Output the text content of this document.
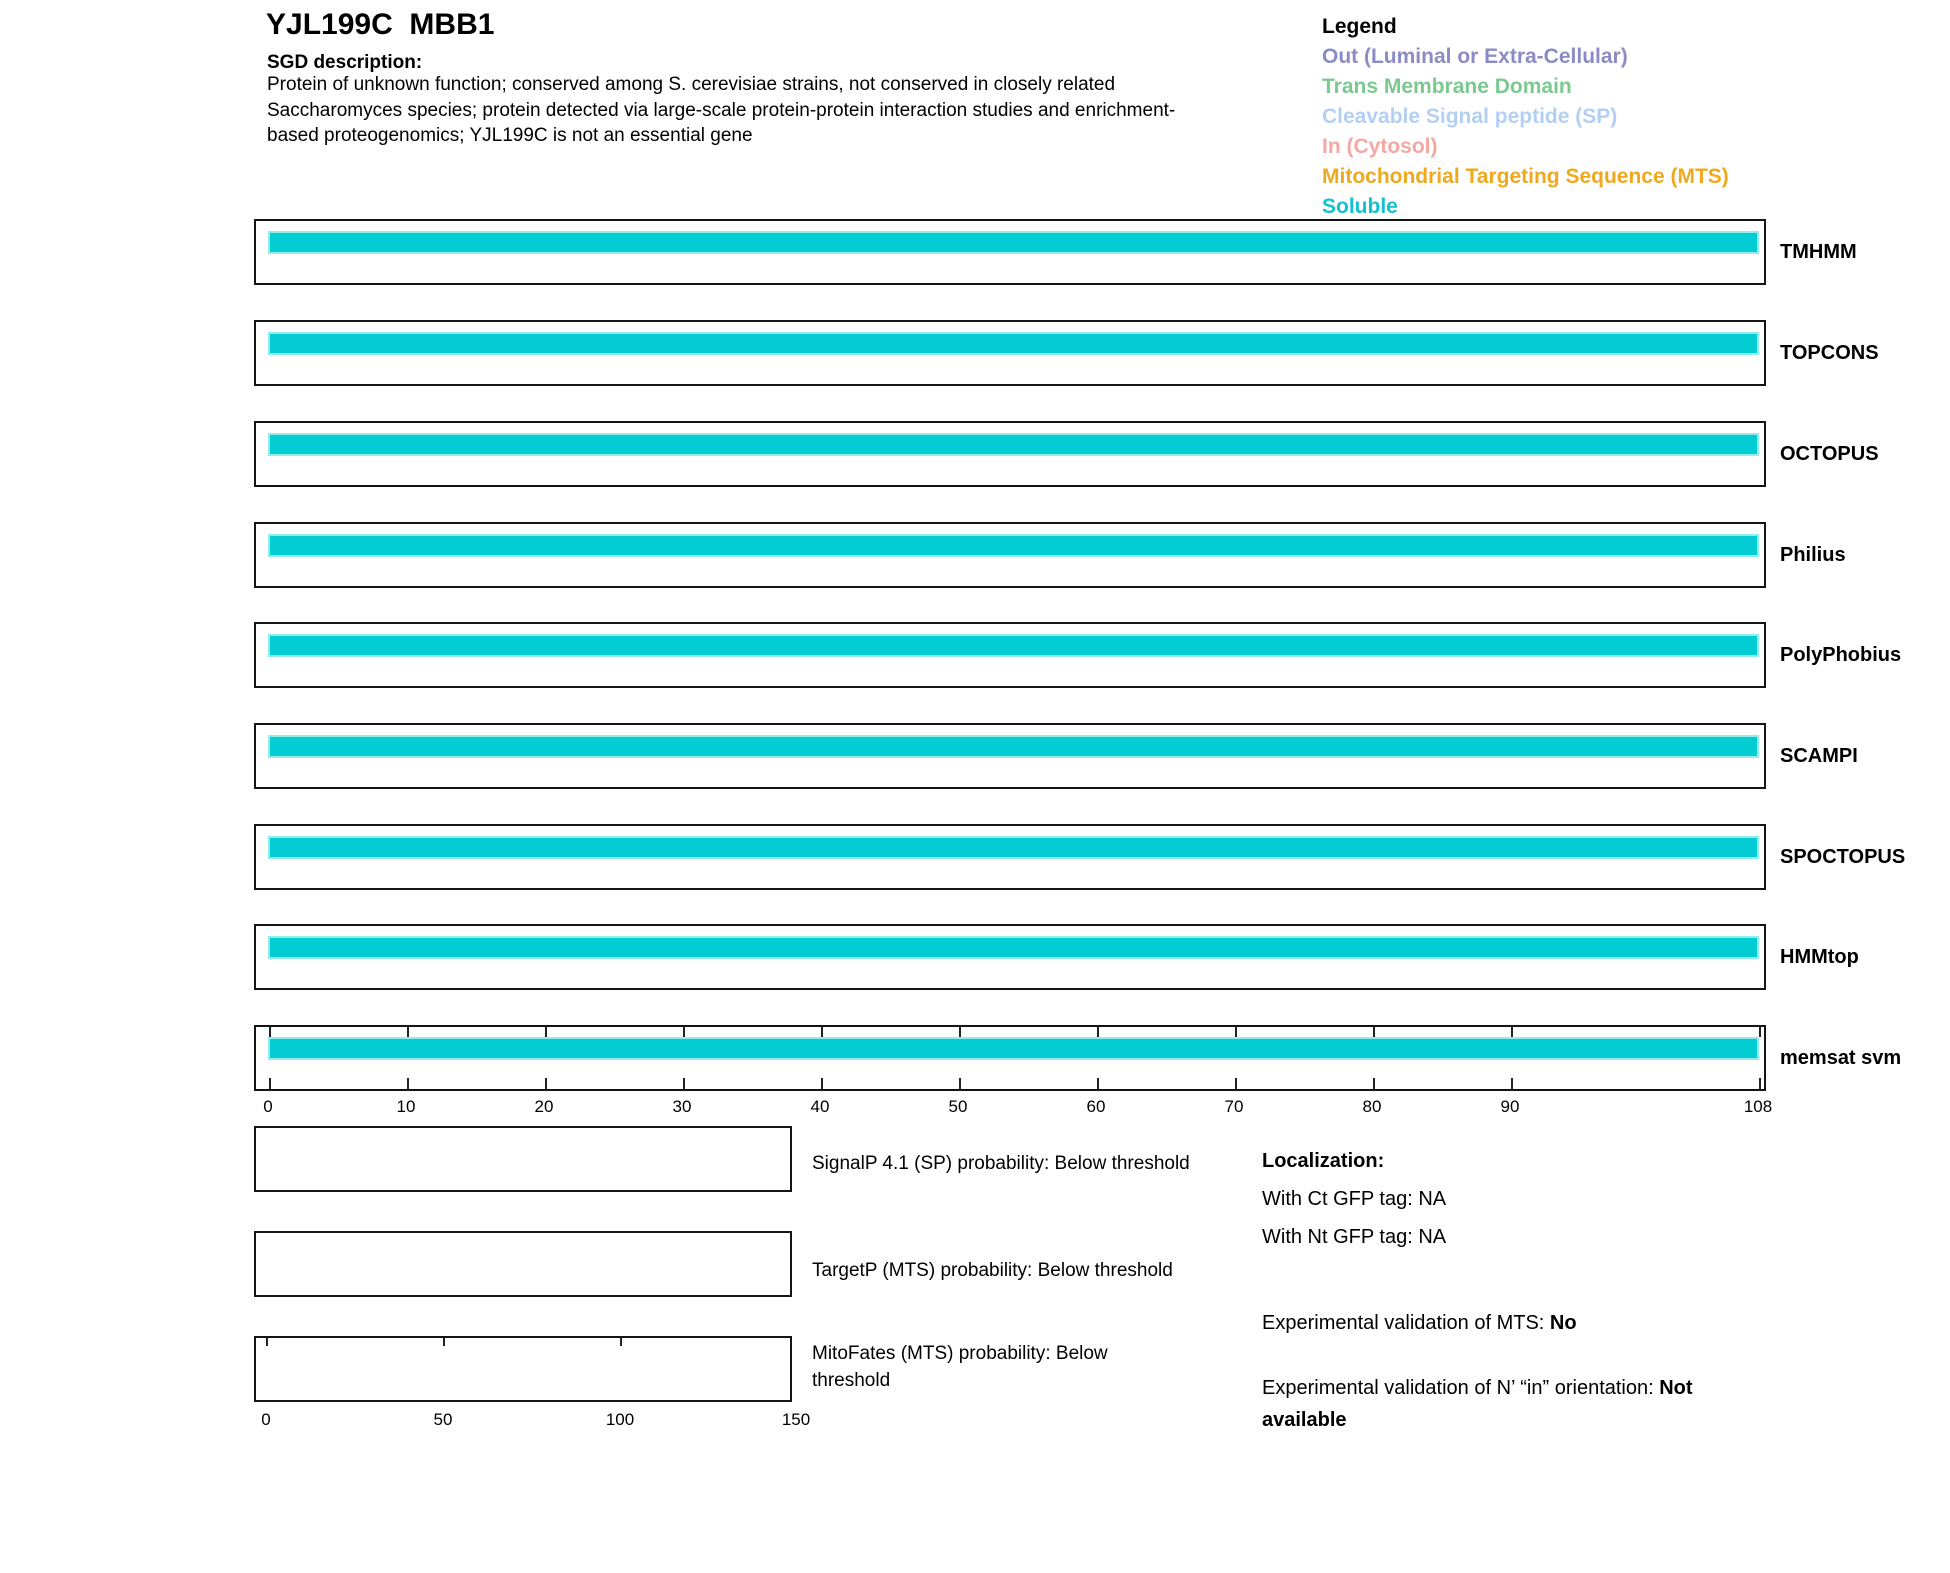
YJL199C  MBB1
SGD description:
Protein of unknown function; conserved among S. cerevisiae strains, not conserved in closely related Saccharomyces species; protein detected via large-scale protein-protein interaction studies and enrichment-based proteogenomics; YJL199C is not an essential gene
Legend
Out (Luminal or Extra-Cellular)
Trans Membrane Domain
Cleavable Signal peptide (SP)
In (Cytosol)
Mitochondrial Targeting Sequence (MTS)
Soluble
TMHMM
TOPCONS
OCTOPUS
Philius
PolyPhobius
SCAMPI
SPOCTOPUS
HMMtop
memsat svm
0	10	20	30	40	50	60	70	80	90	108
SignalP 4.1 (SP) probability: Below threshold
TargetP (MTS) probability: Below threshold
MitoFates (MTS) probability: Below threshold
0	50	100	150
Localization:
With Ct GFP tag: NA
With Nt GFP tag: NA
Experimental validation of MTS: No
Experimental validation of N’ “in” orientation: Not available
